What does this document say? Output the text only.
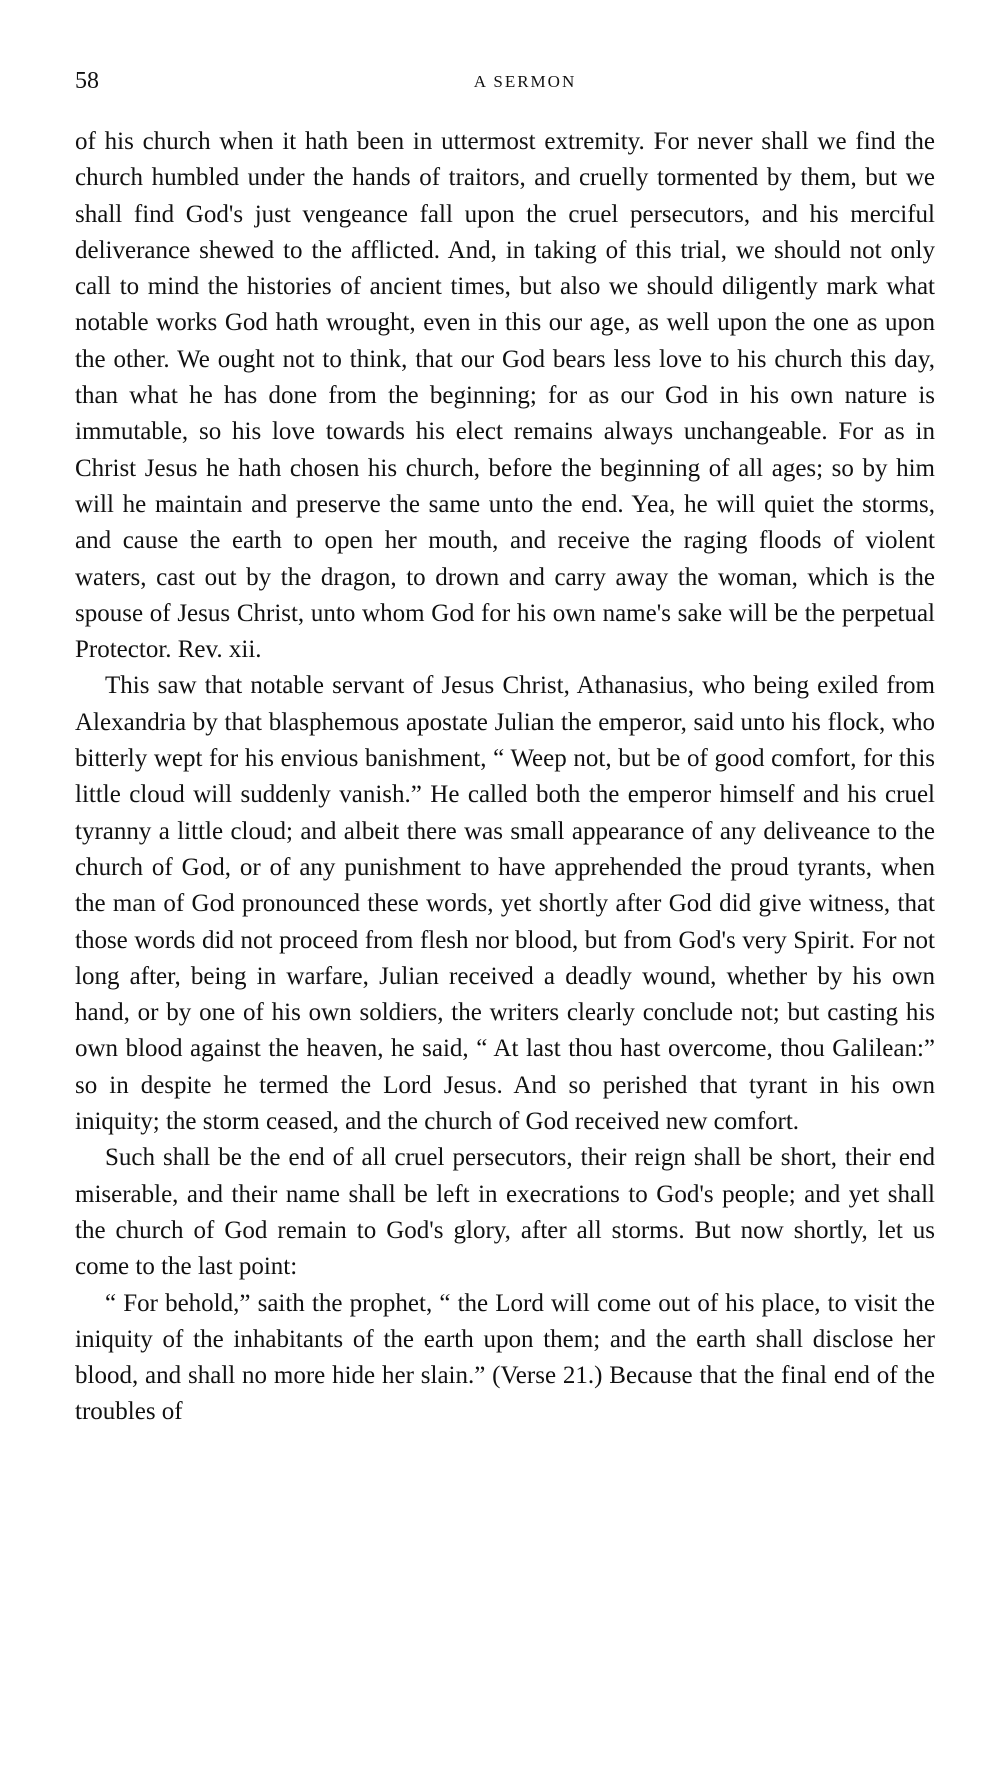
58	A SERMON

of his church when it hath been in uttermost extremity. For never shall we find the church humbled under the hands of traitors, and cruelly tormented by them, but we shall find God's just vengeance fall upon the cruel persecutors, and his merciful deliverance shewed to the afflicted. And, in taking of this trial, we should not only call to mind the histories of ancient times, but also we should diligently mark what notable works God hath wrought, even in this our age, as well upon the one as upon the other. We ought not to think, that our God bears less love to his church this day, than what he has done from the beginning; for as our God in his own nature is immutable, so his love towards his elect remains always unchangeable. For as in Christ Jesus he hath chosen his church, before the beginning of all ages; so by him will he maintain and preserve the same unto the end. Yea, he will quiet the storms, and cause the earth to open her mouth, and receive the raging floods of violent waters, cast out by the dragon, to drown and carry away the woman, which is the spouse of Jesus Christ, unto whom God for his own name's sake will be the perpetual Protector. Rev. xii.

This saw that notable servant of Jesus Christ, Athanasius, who being exiled from Alexandria by that blasphemous apostate Julian the emperor, said unto his flock, who bitterly wept for his envious banishment, “ Weep not, but be of good comfort, for this little cloud will suddenly vanish.” He called both the emperor himself and his cruel tyranny a little cloud; and albeit there was small appearance of any deliveance to the church of God, or of any punishment to have apprehended the proud tyrants, when the man of God pronounced these words, yet shortly after God did give witness, that those words did not proceed from flesh nor blood, but from God's very Spirit. For not long after, being in warfare, Julian received a deadly wound, whether by his own hand, or by one of his own soldiers, the writers clearly conclude not; but casting his own blood against the heaven, he said, “ At last thou hast overcome, thou Galilean:” so in despite he termed the Lord Jesus. And so perished that tyrant in his own iniquity; the storm ceased, and the church of God received new comfort.

Such shall be the end of all cruel persecutors, their reign shall be short, their end miserable, and their name shall be left in execrations to God's people; and yet shall the church of God remain to God's glory, after all storms. But now shortly, let us come to the last point:

“ For behold,” saith the prophet, “ the Lord will come out of his place, to visit the iniquity of the inhabitants of the earth upon them; and the earth shall disclose her blood, and shall no more hide her slain.” (Verse 21.) Because that the final end of the troubles of
